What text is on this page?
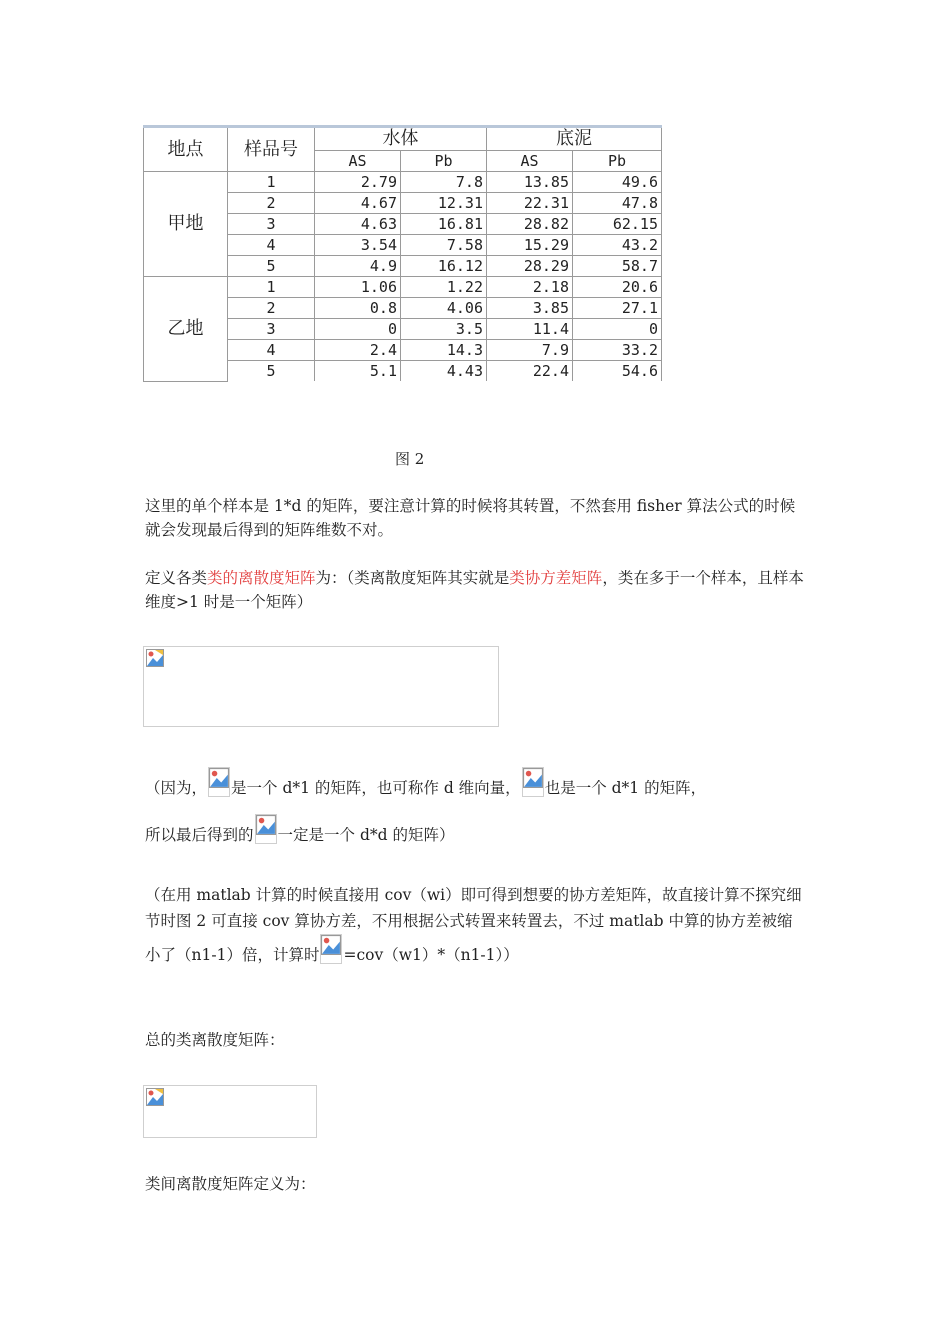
地点	样品号	水体		底泥	
		AS	Pb	AS	Pb
甲地	1	2.79	7.8	13.85	49.6
	2	4.67	12.31	22.31	47.8
	3	4.63	16.81	28.82	62.15
	4	3.54	7.58	15.29	43.2
	5	4.9	16.12	28.29	58.7
乙地	1	1.06	1.22	2.18	20.6
	2	0.8	4.06	3.85	27.1
	3	0	3.5	11.4	0
	4	2.4	14.3	7.9	33.2
	5	5.1	4.43	22.4	54.6
图 2
这里的单个样本是 1*d 的矩阵，要注意计算的时候将其转置，不然套用 fisher 算法公式的时候就会发现最后得到的矩阵维数不对。
定义各类类的离散度矩阵为：（类离散度矩阵其实就是类协方差矩阵，类在多于一个样本，且样本维度>1 时是一个矩阵）
（因为， 是一个 d*1 的矩阵，也可称作 d 维向量， 也是一个 d*1 的矩阵，
所以最后得到的 一定是一个 d*d 的矩阵）
（在用 matlab 计算的时候直接用 cov（wi）即可得到想要的协方差矩阵，故直接计算不探究细节时图 2 可直接 cov 算协方差，不用根据公式转置来转置去，不过 matlab 中算的协方差被缩小了（n1-1）倍，计算时 =cov（w1）*（n1-1））
总的类离散度矩阵：
类间离散度矩阵定义为：
